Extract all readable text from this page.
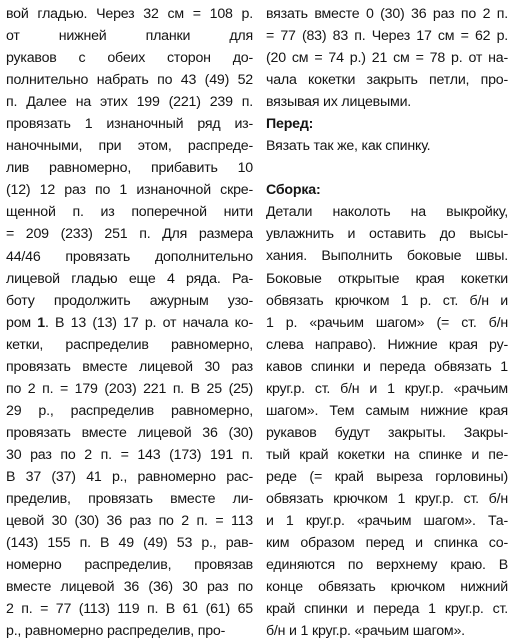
вой гладью. Через 32 см = 108 р.
от нижней планки для
рукавов с обеих сторон до-
полнительно набрать по 43 (49) 52
п. Далее на этих 199 (221) 239 п.
провязать 1 изнаночный ряд из-
наночными, при этом, распреде-
лив равномерно, прибавить 10
(12) 12 раз по 1 изнаночной скре-
щенной п. из поперечной нити
= 209 (233) 251 п. Для размера
44/46 провязать дополнительно
лицевой гладью еще 4 ряда. Ра-
боту продолжить ажурным узо-
ром 1. В 13 (13) 17 р. от начала ко-
кетки, распределив равномерно,
провязать вместе лицевой 30 раз
по 2 п. = 179 (203) 221 п. В 25 (25)
29 р., распределив равномерно,
провязать вместе лицевой 36 (30)
30 раз по 2 п. = 143 (173) 191 п.
В 37 (37) 41 р., равномерно рас-
пределив, провязать вместе ли-
цевой 30 (30) 36 раз по 2 п. = 113
(143) 155 п. В 49 (49) 53 р., рав-
номерно распределив, провязав
вместе лицевой 36 (36) 30 раз по
2 п. = 77 (113) 119 п. В 61 (61) 65
р., равномерно распределив, про-
вязать вместе 0 (30) 36 раз по 2 п.
= 77 (83) 83 п. Через 17 см = 62 р.
(20 см = 74 р.) 21 см = 78 р. от на-
чала кокетки закрыть петли, про-
вязывая их лицевыми.
Перед:
Вязать так же, как спинку.
Сборка:
Детали наколоть на выкройку,
увлажнить и оставить до высы-
хания. Выполнить боковые швы.
Боковые открытые края кокетки
обвязать крючком 1 р. ст. б/н и
1 р. «рачьим шагом» (= ст. б/н
слева направо). Нижние края ру-
кавов спинки и переда обвязать 1
круг.р. ст. б/н и 1 круг.р. «рачьим
шагом». Тем самым нижние края
рукавов будут закрыты. Закры-
тый край кокетки на спинке и пе-
реде (= край выреза горловины)
обвязать крючком 1 круг.р. ст. б/н
и 1 круг.р. «рачьим шагом». Та-
ким образом перед и спинка со-
единяются по верхнему краю. В
конце обвязать крючком нижний
край спинки и переда 1 круг.р. ст.
б/н и 1 круг.р. «рачьим шагом».
